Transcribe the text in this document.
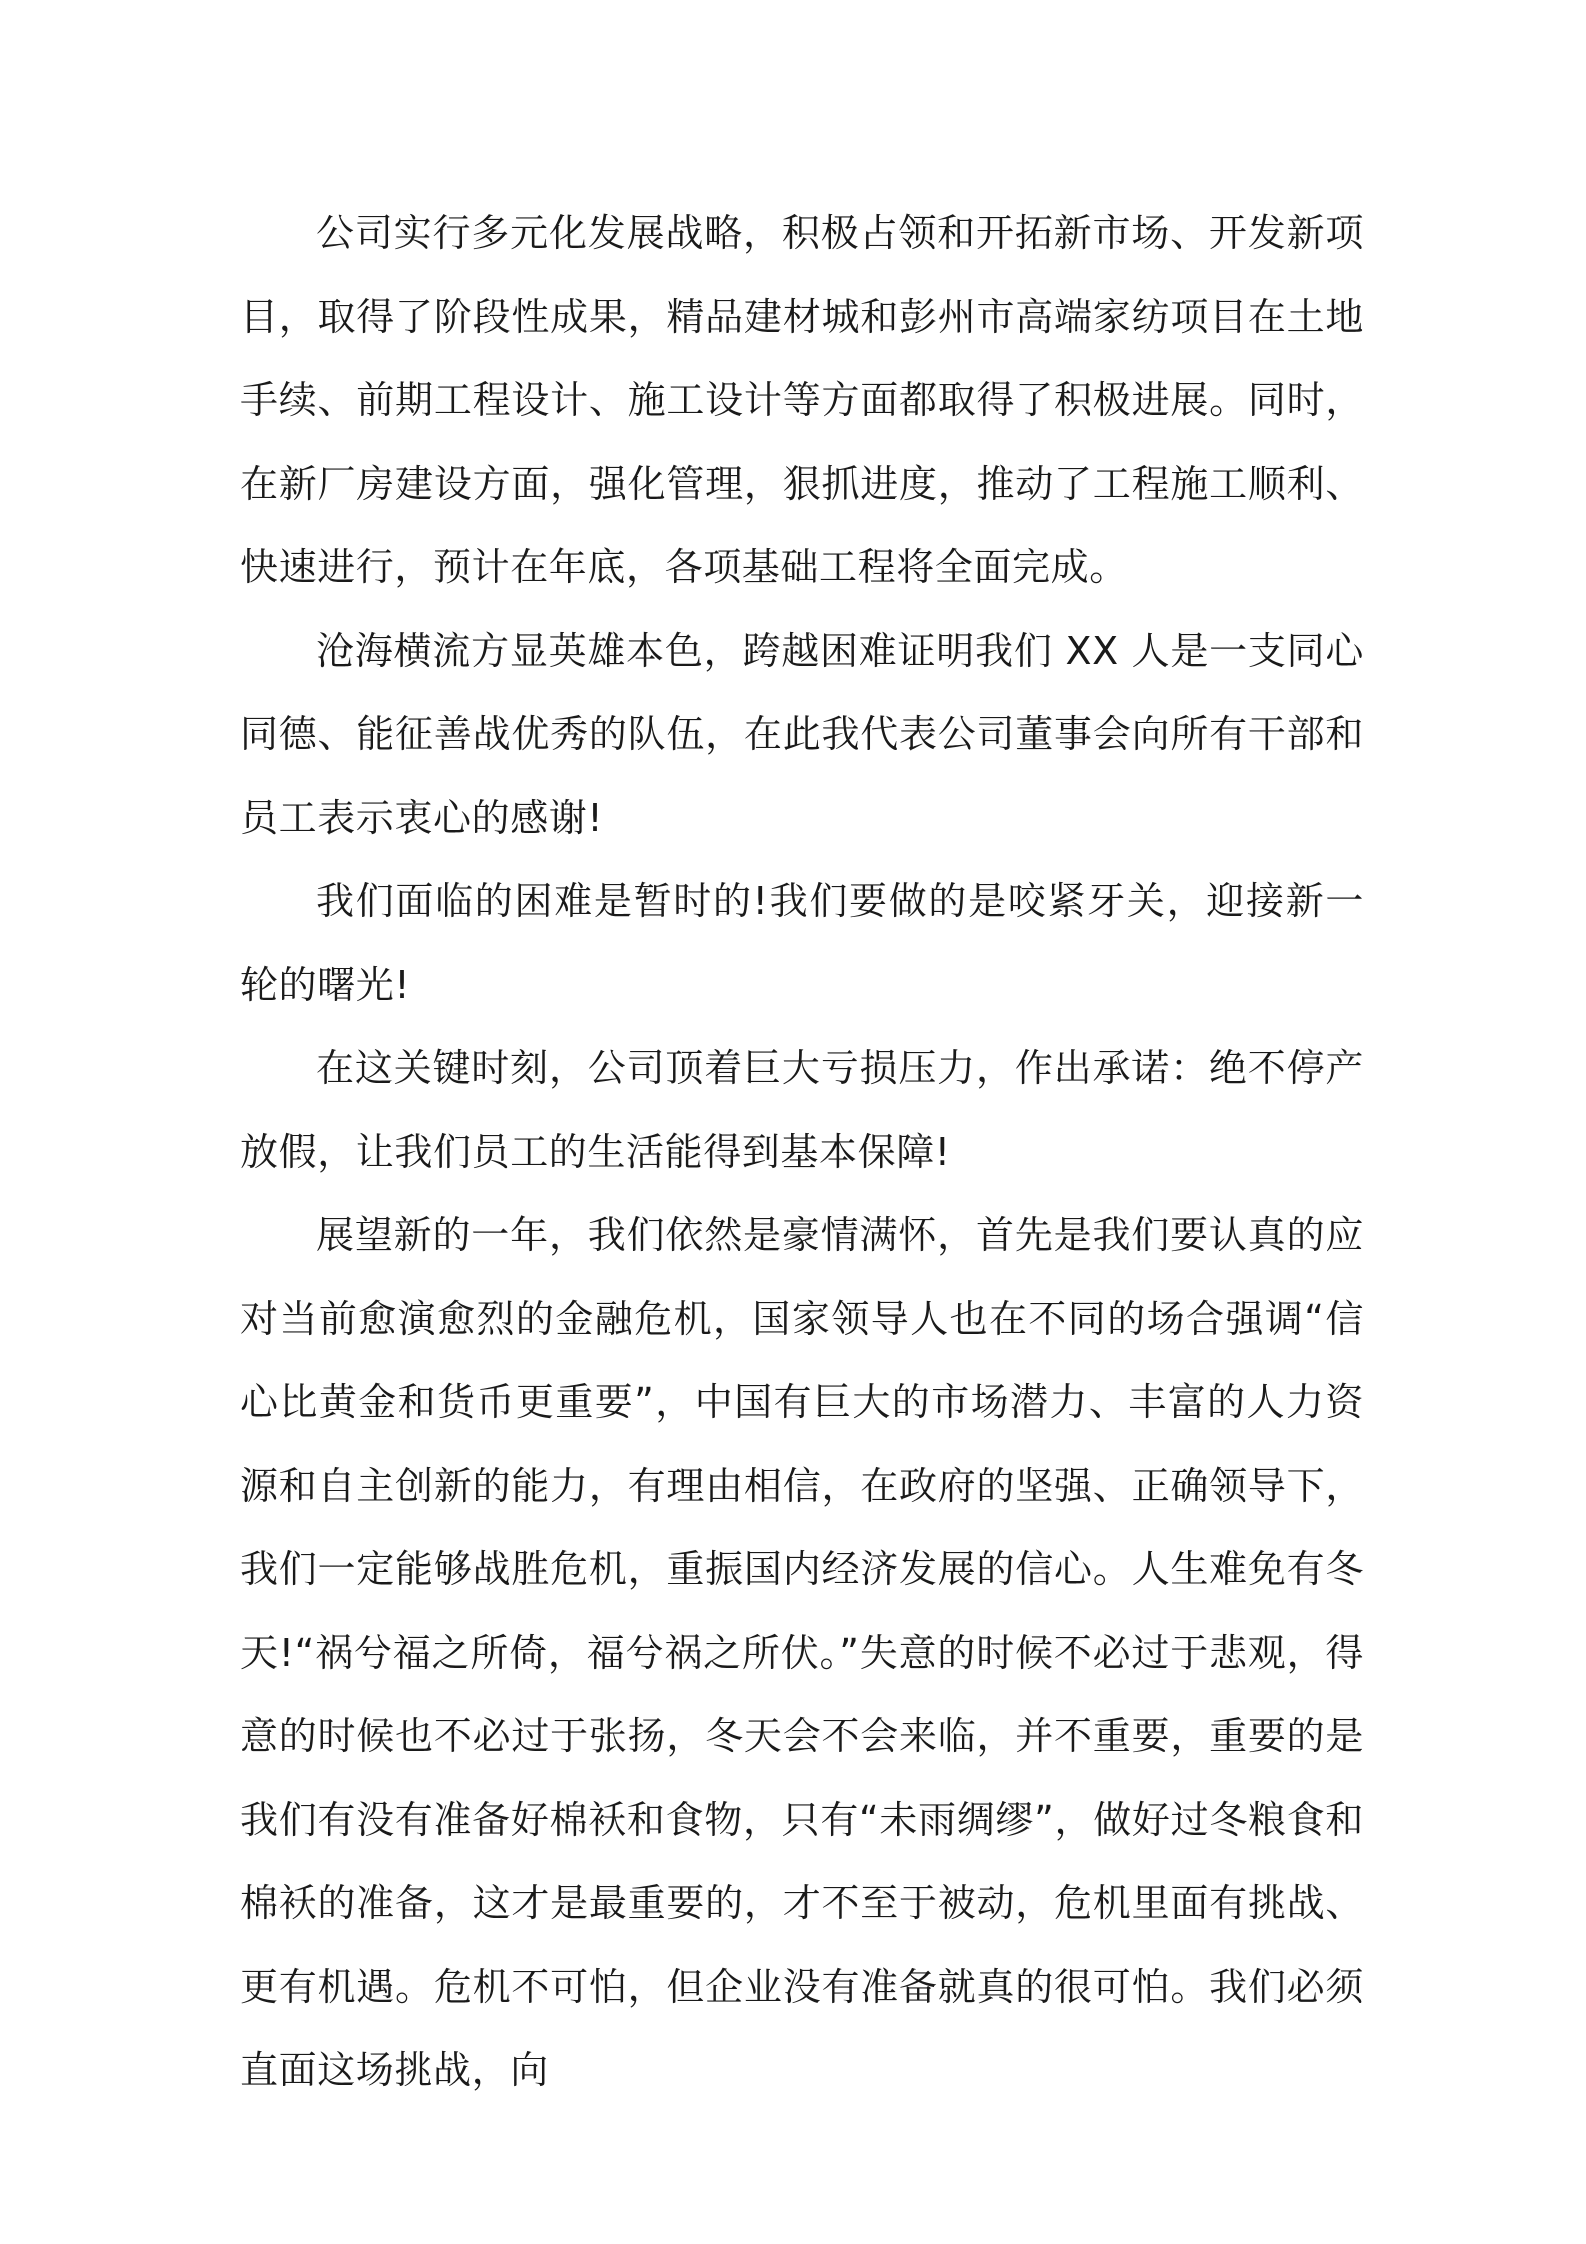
公司实行多元化发展战略，积极占领和开拓新市场、开发新项目，取得了阶段性成果，精品建材城和彭州市高端家纺项目在土地手续、前期工程设计、施工设计等方面都取得了积极进展。同时，在新厂房建设方面，强化管理，狠抓进度，推动了工程施工顺利、快速进行，预计在年底，各项基础工程将全面完成。

沧海横流方显英雄本色，跨越困难证明我们 XX 人是一支同心同德、能征善战优秀的队伍，在此我代表公司董事会向所有干部和员工表示衷心的感谢!

我们面临的困难是暂时的!我们要做的是咬紧牙关，迎接新一轮的曙光!

在这关键时刻，公司顶着巨大亏损压力，作出承诺：绝不停产放假，让我们员工的生活能得到基本保障!

展望新的一年，我们依然是豪情满怀，首先是我们要认真的应对当前愈演愈烈的金融危机，国家领导人也在不同的场合强调“信心比黄金和货币更重要”，中国有巨大的市场潜力、丰富的人力资源和自主创新的能力，有理由相信，在政府的坚强、正确领导下，我们一定能够战胜危机，重振国内经济发展的信心。人生难免有冬天!“祸兮福之所倚，福兮祸之所伏。”失意的时候不必过于悲观，得意的时候也不必过于张扬，冬天会不会来临，并不重要，重要的是我们有没有准备好棉袄和食物，只有“未雨绸缪”，做好过冬粮食和棉袄的准备，这才是最重要的，才不至于被动，危机里面有挑战、更有机遇。危机不可怕，但企业没有准备就真的很可怕。我们必须直面这场挑战，向
